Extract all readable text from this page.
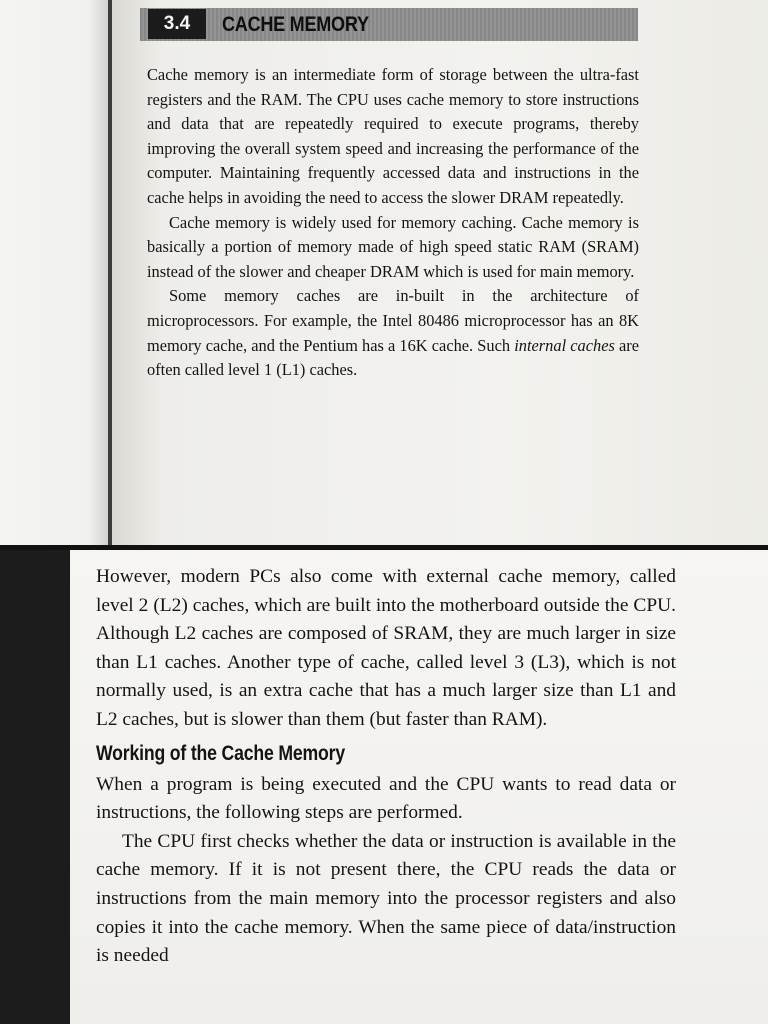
3.4	CACHE MEMORY

Cache memory is an intermediate form of storage between the ultra-fast registers and the RAM. The CPU uses cache memory to store instructions and data that are repeatedly required to execute programs, thereby improving the overall system speed and increasing the performance of the computer. Maintaining frequently accessed data and instructions in the cache helps in avoiding the need to access the slower DRAM repeatedly.

Cache memory is widely used for memory caching. Cache memory is basically a portion of memory made of high speed static RAM (SRAM) instead of the slower and cheaper DRAM which is used for main memory.

Some memory caches are in-built in the architecture of microprocessors. For example, the Intel 80486 microprocessor has an 8K memory cache, and the Pentium has a 16K cache. Such internal caches are often called level 1 (L1) caches.

However, modern PCs also come with external cache memory, called level 2 (L2) caches, which are built into the motherboard outside the CPU. Although L2 caches are composed of SRAM, they are much larger in size than L1 caches. Another type of cache, called level 3 (L3), which is not normally used, is an extra cache that has a much larger size than L1 and L2 caches, but is slower than them (but faster than RAM).

Working of the Cache Memory

When a program is being executed and the CPU wants to read data or instructions, the following steps are performed.

The CPU first checks whether the data or instruction is available in the cache memory. If it is not present there, the CPU reads the data or instructions from the main memory into the processor registers and also copies it into the cache memory. When the same piece of data/instruction is needed
